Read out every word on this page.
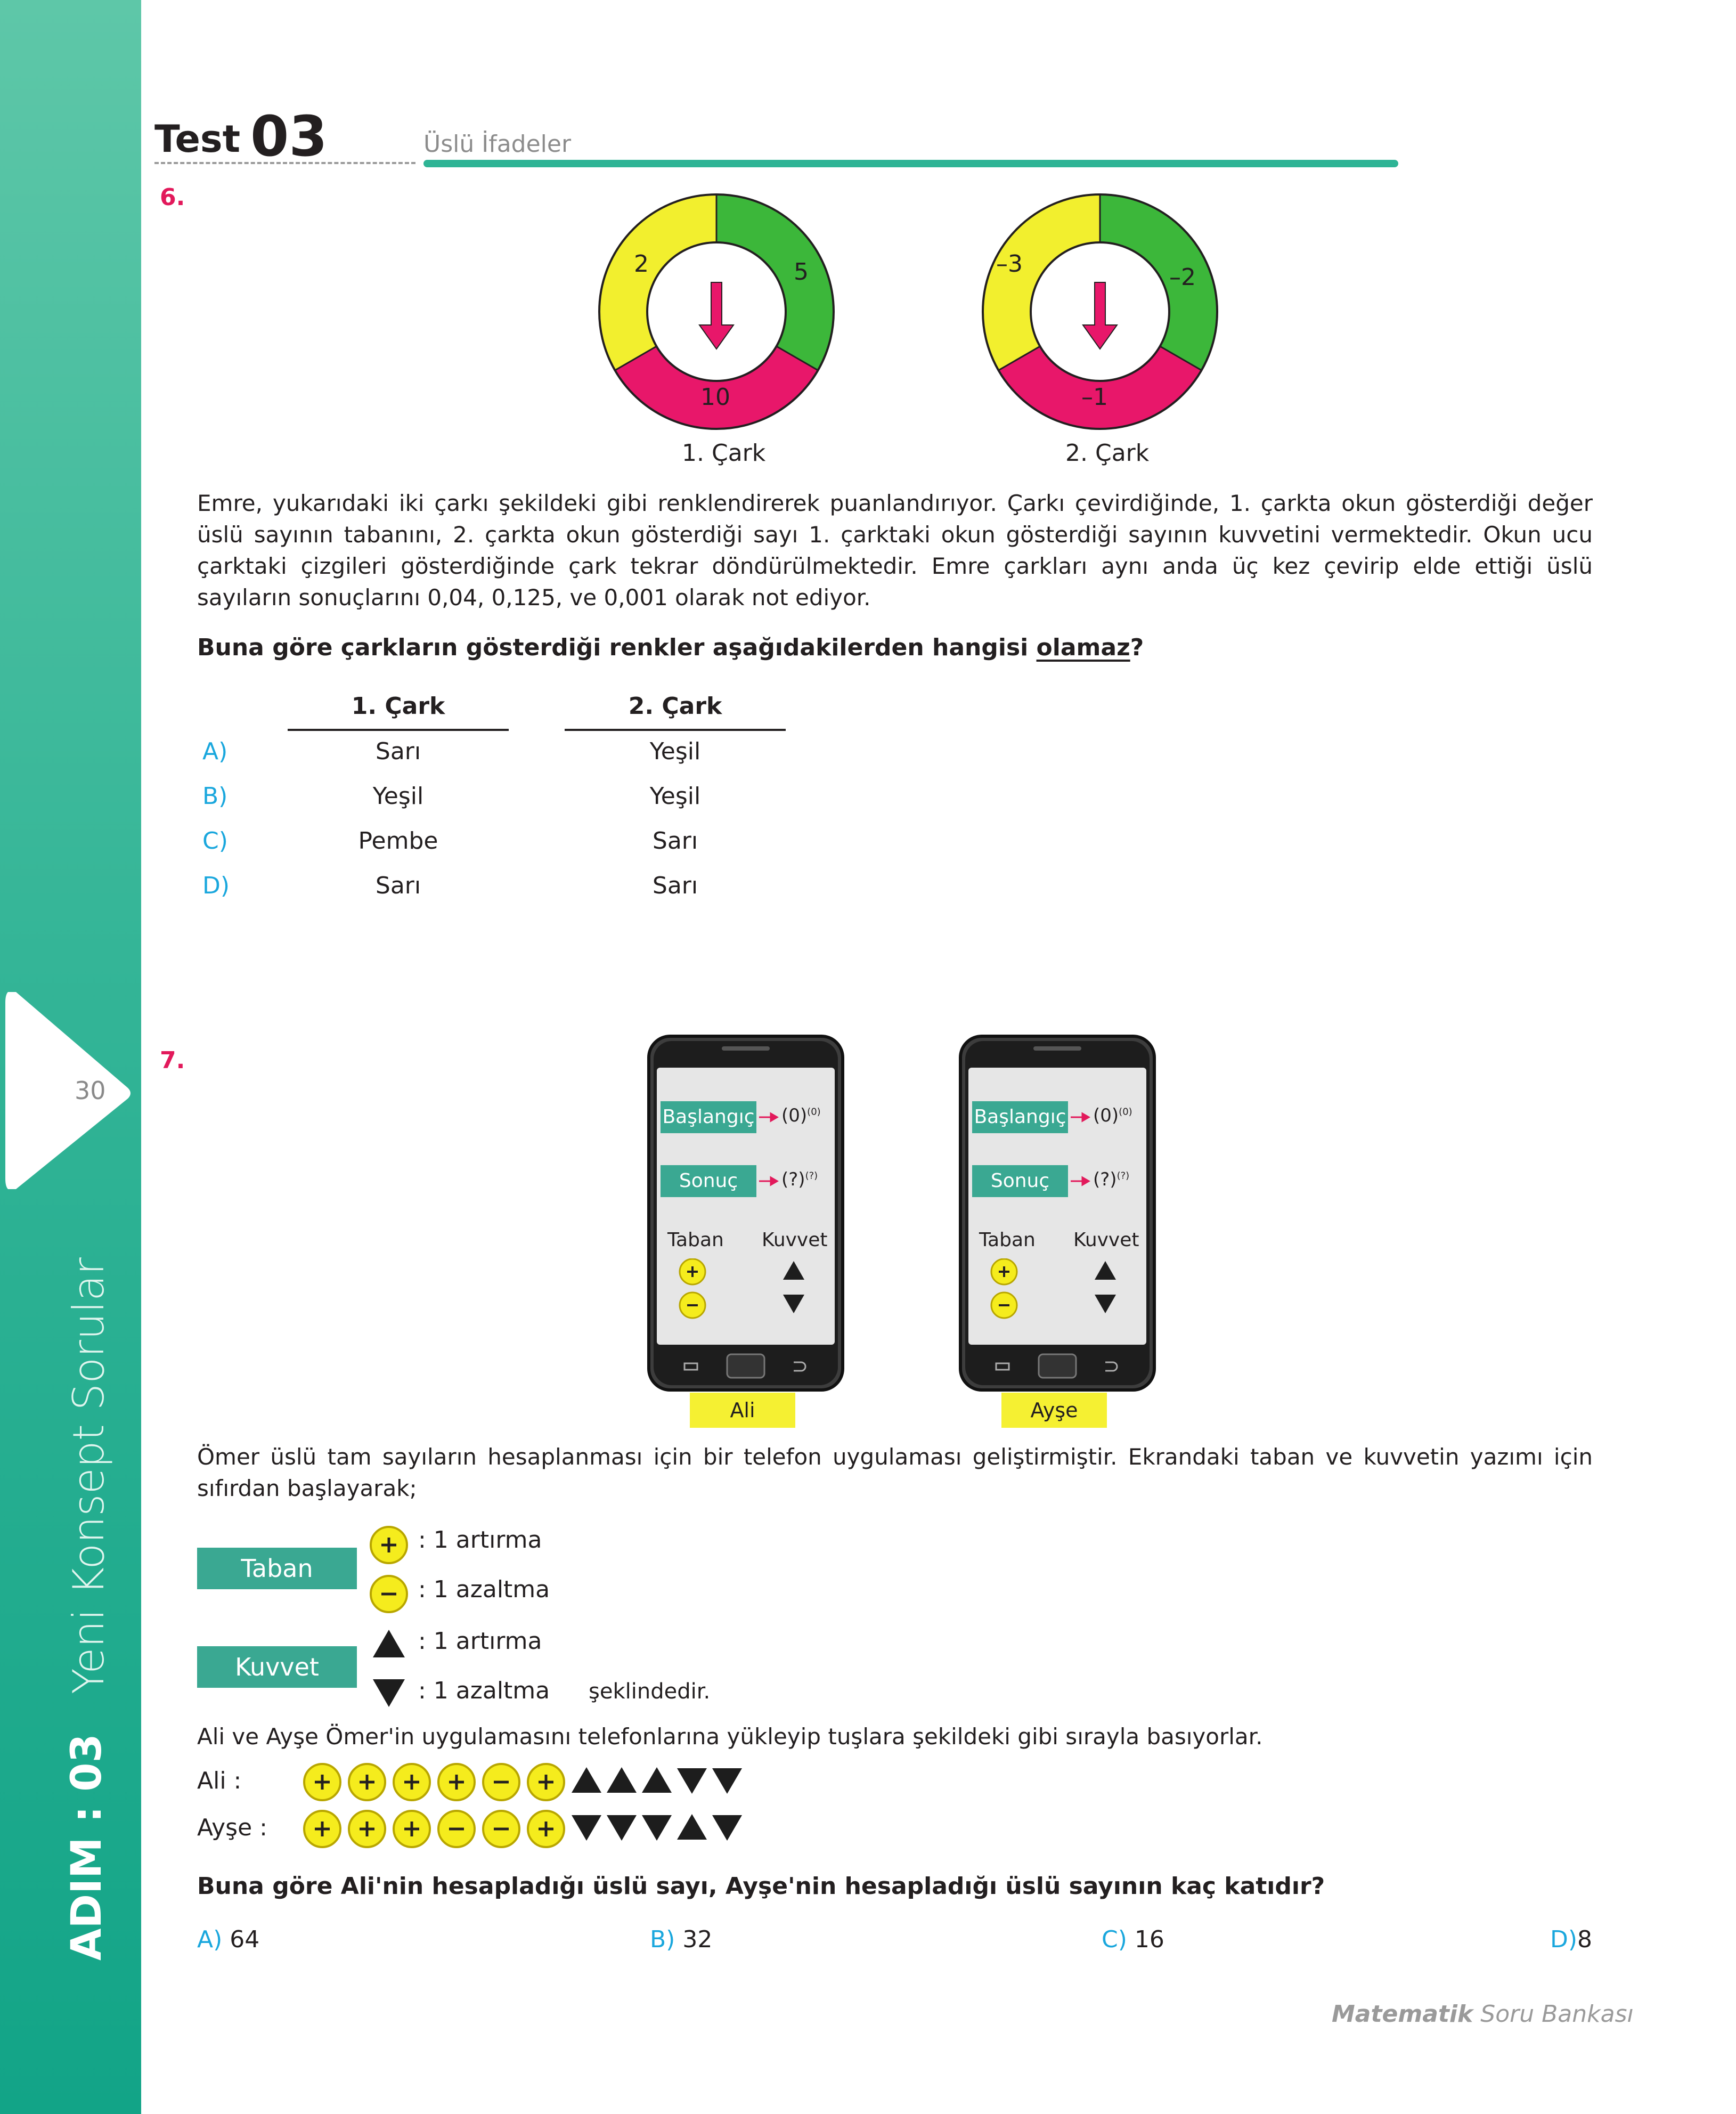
30
Yeni Konsept Sorular
ADIM : 03
Test 03	Üslü İfadeler
6.
2	5
10
1. Çark
–3	–2
–1
2. Çark
Emre, yukarıdaki iki çarkı şekildeki gibi renklendirerek puanlandırıyor. Çarkı çevirdiğinde, 1. çarkta okun gösterdiği değer üslü sayının tabanını, 2. çarkta okun gösterdiği sayı 1. çarktaki okun gösterdiği sayının kuvvetini vermektedir. Okun ucu çarktaki çizgileri gösterdiğinde çark tekrar döndürülmektedir. Emre çarkları aynı anda üç kez çevirip elde ettiği üslü sayıların sonuçlarını 0,04, 0,125, ve 0,001 olarak not ediyor.
Buna göre çarkların gösterdiği renkler aşağıdakilerden hangisi olamaz?
1. Çark	2. Çark
A)	Sarı	Yeşil
B)	Yeşil	Yeşil
C)	Pembe	Sarı
D)	Sarı	Sarı
7.
Başlangıç $(0)^{(0)}$
Sonuç	(?)(?)
Taban Kuvvet
Ali
Başlangıç $(0)^{(0)}$
Sonuç	(?)(?)
Taban Kuvvet
Ayşe
Ömer üslü tam sayıların hesaplanması için bir telefon uygulaması geliştirmiştir. Ekrandaki taban ve kuvvetin yazımı için sıfırdan başlayarak;
Taban
Kuvvet
: 1 artırma
: 1 azaltma
: 1 artırma
: 1 azaltma şeklindedir.
Ali ve Ayşe Ömer'in uygulamasını telefonlarına yükleyip tuşlara şekildeki gibi sırayla basıyorlar.
Ali :
Ayşe :
Buna göre Ali'nin hesapladığı üslü sayı, Ayşe'nin hesapladığı üslü sayının kaç katıdır?
A) 64	B) 32	C) 16	D)8
Matematik Soru Bankası
